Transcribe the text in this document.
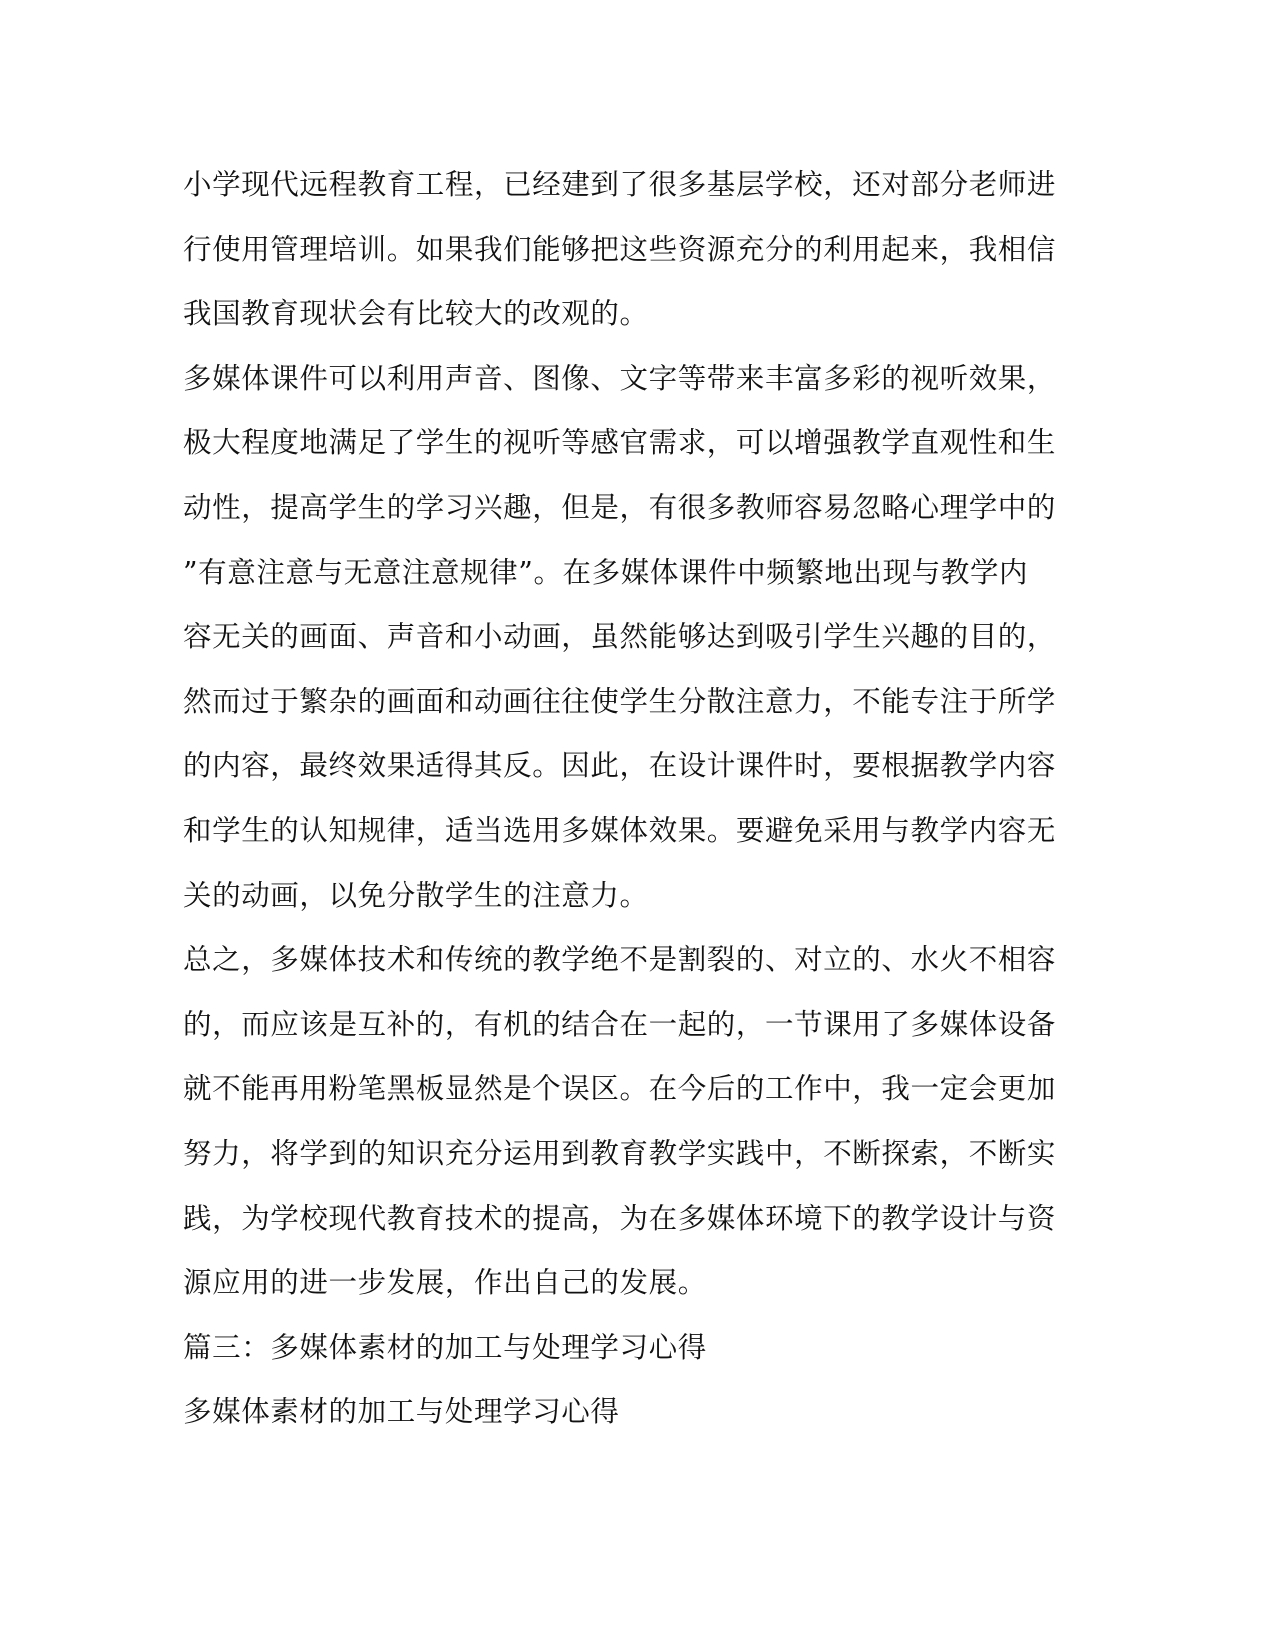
小学现代远程教育工程，已经建到了很多基层学校，还对部分老师进
行使用管理培训。如果我们能够把这些资源充分的利用起来，我相信
我国教育现状会有比较大的改观的。
多媒体课件可以利用声音、图像、文字等带来丰富多彩的视听效果，
极大程度地满足了学生的视听等感官需求，可以增强教学直观性和生
动性，提高学生的学习兴趣，但是，有很多教师容易忽略心理学中的
”有意注意与无意注意规律”。在多媒体课件中频繁地出现与教学内
容无关的画面、声音和小动画，虽然能够达到吸引学生兴趣的目的，
然而过于繁杂的画面和动画往往使学生分散注意力，不能专注于所学
的内容，最终效果适得其反。因此，在设计课件时，要根据教学内容
和学生的认知规律，适当选用多媒体效果。要避免采用与教学内容无
关的动画，以免分散学生的注意力。
总之，多媒体技术和传统的教学绝不是割裂的、对立的、水火不相容
的，而应该是互补的，有机的结合在一起的，一节课用了多媒体设备
就不能再用粉笔黑板显然是个误区。在今后的工作中，我一定会更加
努力，将学到的知识充分运用到教育教学实践中，不断探索，不断实
践，为学校现代教育技术的提高，为在多媒体环境下的教学设计与资
源应用的进一步发展，作出自己的发展。
篇三：多媒体素材的加工与处理学习心得
多媒体素材的加工与处理学习心得
